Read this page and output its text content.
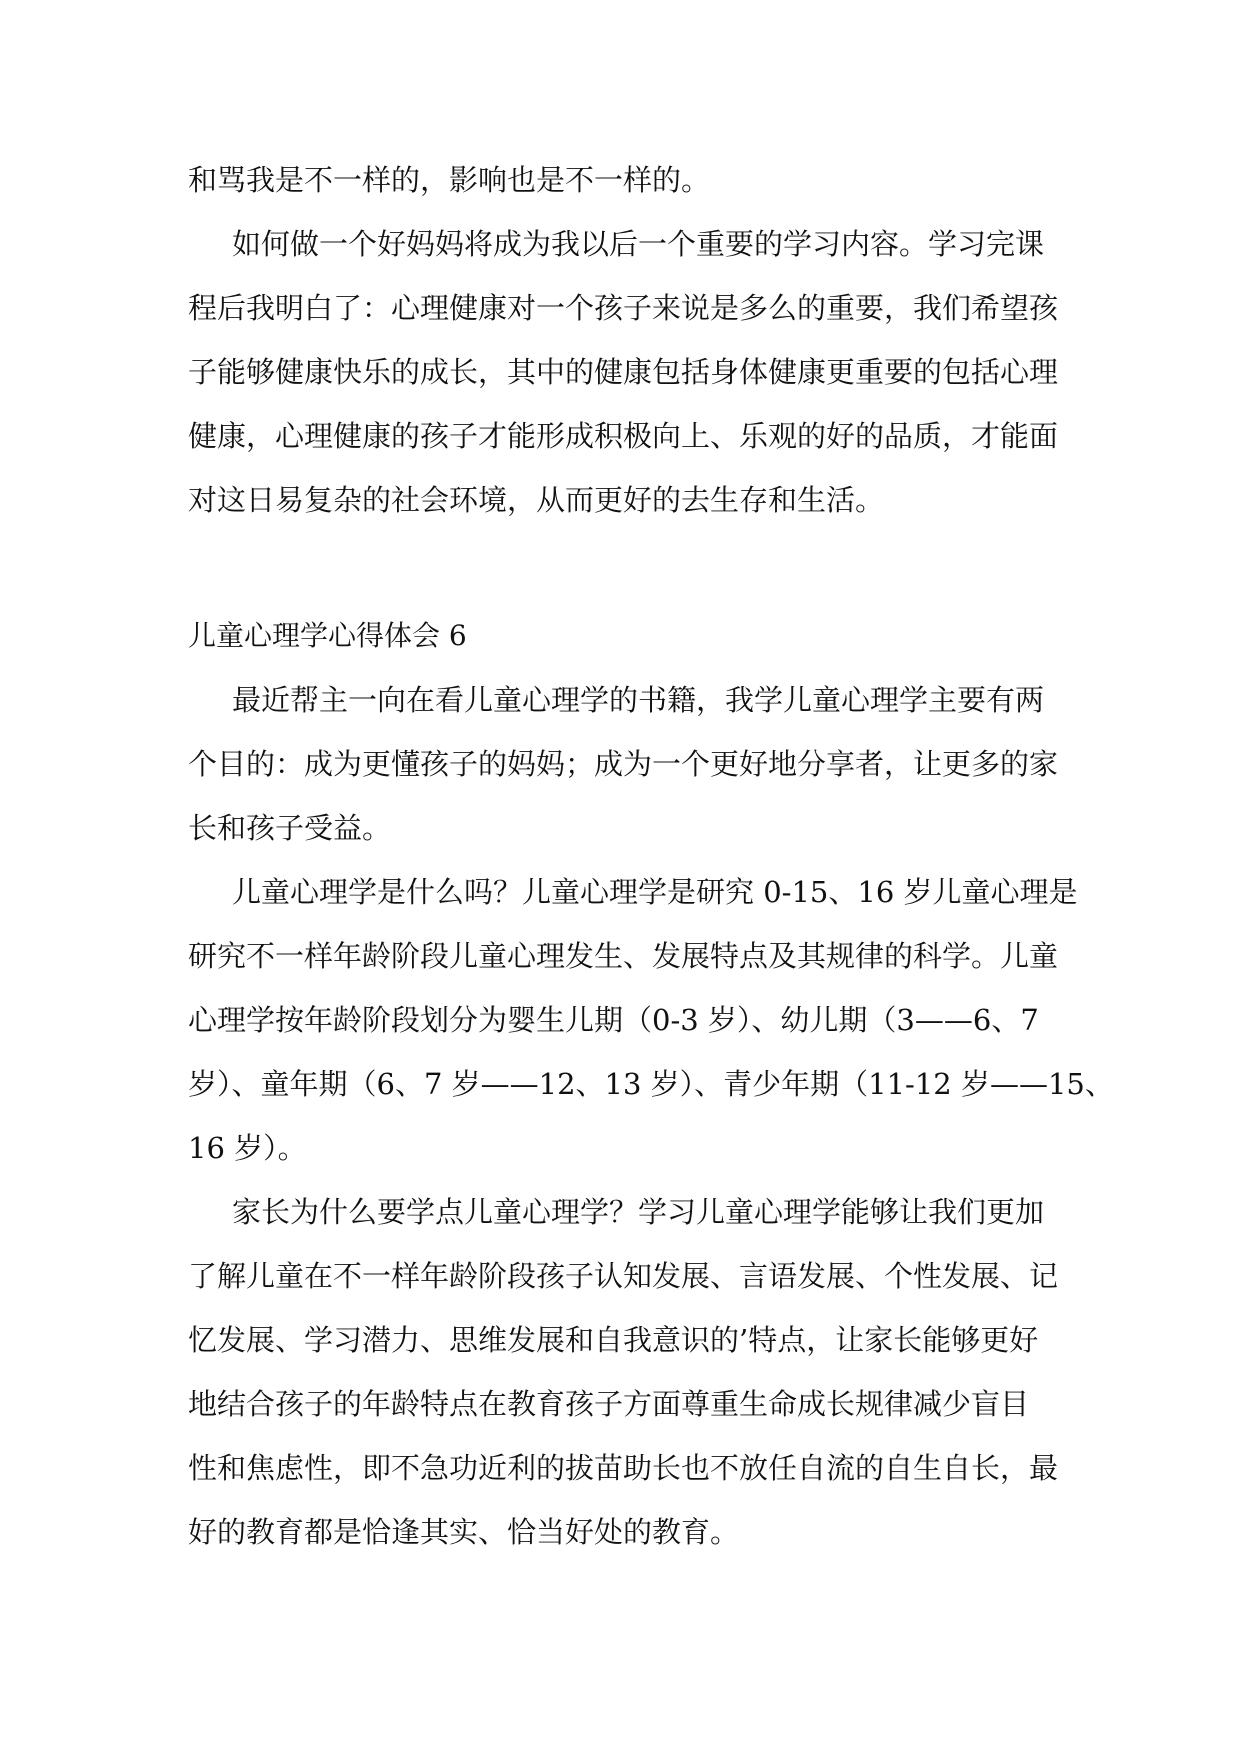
和骂我是不一样的，影响也是不一样的。
如何做一个好妈妈将成为我以后一个重要的学习内容。学习完课
程后我明白了：心理健康对一个孩子来说是多么的重要，我们希望孩
子能够健康快乐的成长，其中的健康包括身体健康更重要的包括心理
健康，心理健康的孩子才能形成积极向上、乐观的好的品质，才能面
对这日易复杂的社会环境，从而更好的去生存和生活。
儿童心理学心得体会 6
最近帮主一向在看儿童心理学的书籍，我学儿童心理学主要有两
个目的：成为更懂孩子的妈妈；成为一个更好地分享者，让更多的家
长和孩子受益。
儿童心理学是什么吗？儿童心理学是研究 0-15、16 岁儿童心理是
研究不一样年龄阶段儿童心理发生、发展特点及其规律的科学。儿童
心理学按年龄阶段划分为婴生儿期（0-3 岁）、幼儿期（3——6、7
岁）、童年期（6、7 岁——12、13 岁）、青少年期（11-12 岁——15、
16 岁）。
家长为什么要学点儿童心理学？学习儿童心理学能够让我们更加
了解儿童在不一样年龄阶段孩子认知发展、言语发展、个性发展、记
忆发展、学习潜力、思维发展和自我意识的’特点，让家长能够更好
地结合孩子的年龄特点在教育孩子方面尊重生命成长规律减少盲目
性和焦虑性，即不急功近利的拔苗助长也不放任自流的自生自长，最
好的教育都是恰逢其实、恰当好处的教育。
